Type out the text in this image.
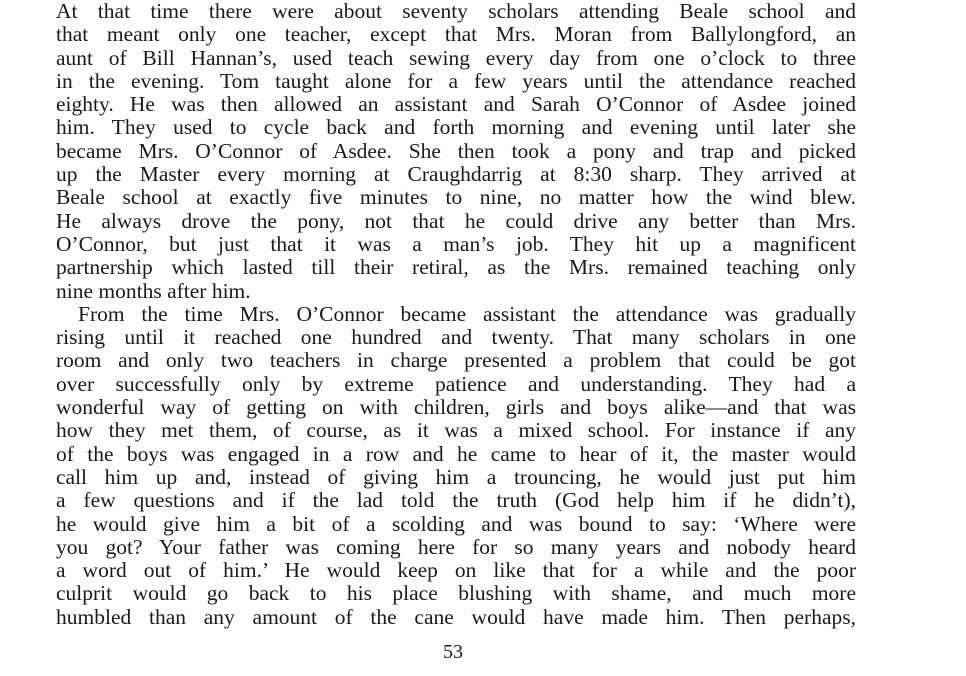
At that time there were about seventy scholars attending Beale school and
that meant only one teacher, except that Mrs. Moran from Ballylongford, an
aunt of Bill Hannan’s, used teach sewing every day from one o’clock to three
in the evening. Tom taught alone for a few years until the attendance reached
eighty. He was then allowed an assistant and Sarah O’Connor of Asdee joined
him. They used to cycle back and forth morning and evening until later she
became Mrs. O’Connor of Asdee. She then took a pony and trap and picked
up the Master every morning at Craughdarrig at 8:30 sharp. They arrived at
Beale school at exactly five minutes to nine, no matter how the wind blew.
He always drove the pony, not that he could drive any better than Mrs.
O’Connor, but just that it was a man’s job. They hit up a magnificent
partnership which lasted till their retiral, as the Mrs. remained teaching only
nine months after him.
From the time Mrs. O’Connor became assistant the attendance was gradually
rising until it reached one hundred and twenty. That many scholars in one
room and only two teachers in charge presented a problem that could be got
over successfully only by extreme patience and understanding. They had a
wonderful way of getting on with children, girls and boys alike—and that was
how they met them, of course, as it was a mixed school. For instance if any
of the boys was engaged in a row and he came to hear of it, the master would
call him up and, instead of giving him a trouncing, he would just put him
a few questions and if the lad told the truth (God help him if he didn’t),
he would give him a bit of a scolding and was bound to say: ‘Where were
you got? Your father was coming here for so many years and nobody heard
a word out of him.’ He would keep on like that for a while and the poor
culprit would go back to his place blushing with shame, and much more
humbled than any amount of the cane would have made him. Then perhaps,
53
